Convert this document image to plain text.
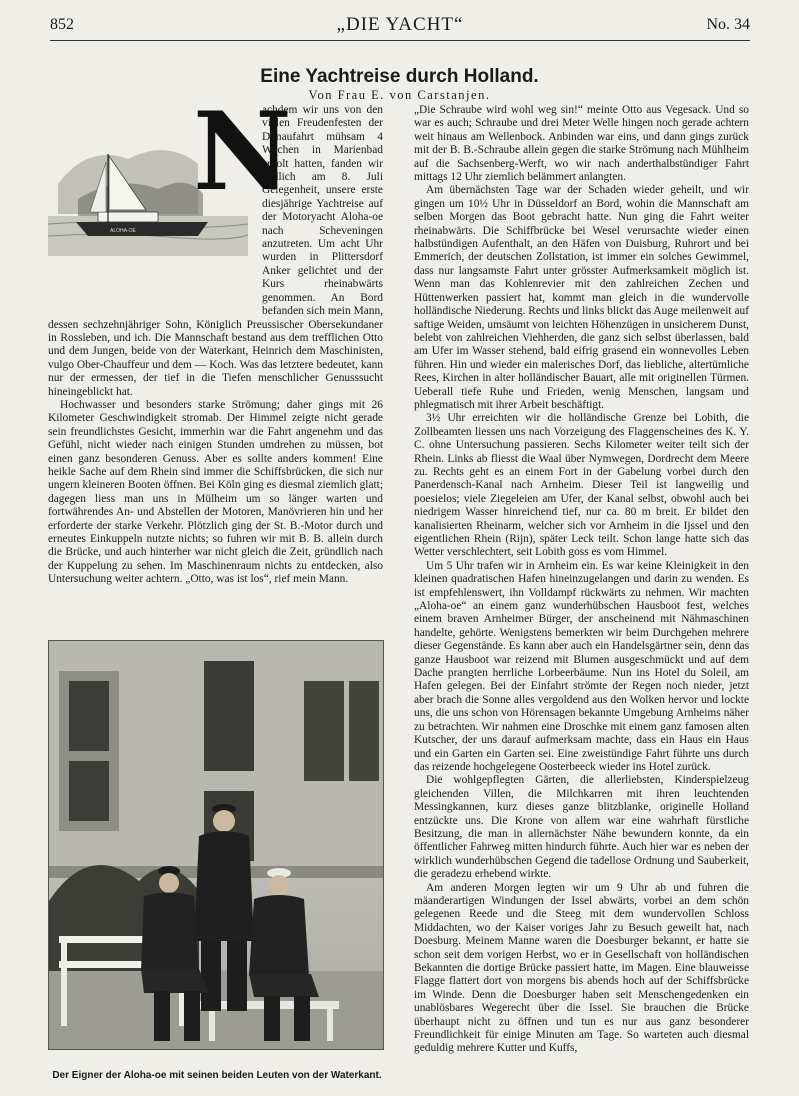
852	„DIE YACHT“	No. 34
Eine Yachtreise durch Holland.
Von Frau E. von Carstanjen.
ALOHA-OE
N

achdem wir uns von den vielen Freudenfesten der Donaufahrt mühsam 4 Wochen in Marienbad erholt hatten, fanden wir endlich am 8. Juli Gelegenheit, unsere erste diesjährige Yachtreise auf der Motoryacht Aloha-oe nach Scheveningen anzutreten. Um acht Uhr wurden in Plittersdorf Anker gelichtet und der Kurs rheinabwärts genommen. An Bord befanden sich mein Mann, dessen sechzehnjähriger Sohn, Königlich Preussischer Obersekundaner in Rossleben, und ich. Die Mannschaft bestand aus dem trefflichen Otto und dem Jungen, beide von der Waterkant, Heinrich dem Maschinisten, vulgo Ober-Chauffeur und dem — Koch. Was das letztere bedeutet, kann nur der ermessen, der tief in die Tiefen menschlicher Genusssucht hineingeblickt hat.

Hochwasser und besonders starke Strömung; daher gings mit 26 Kilometer Geschwindigkeit stromab. Der Himmel zeigte nicht gerade sein freundlichstes Gesicht, immerhin war die Fahrt angenehm und das Gefühl, nicht wieder nach einigen Stunden umdrehen zu müssen, bot einen ganz besonderen Genuss. Aber es sollte anders kommen! Eine heikle Sache auf dem Rhein sind immer die Schiffsbrücken, die sich nur ungern kleineren Booten öffnen. Bei Köln ging es diesmal ziemlich glatt; dagegen liess man uns in Mülheim um so länger warten und fortwährendes An- und Abstellen der Motoren, Manövrieren hin und her erforderte der starke Verkehr. Plötzlich ging der St. B.-Motor durch und erneutes Einkuppeln nutzte nichts; so fuhren wir mit B. B. allein durch die Brücke, und auch hinterher war nicht gleich die Zeit, gründlich nach der Kuppelung zu sehen. Im Maschinenraum nichts zu entdecken, also Untersuchung weiter achtern. „Otto, was ist los“, rief mein Mann.

Der Eigner der Aloha-oe mit seinen beiden Leuten von der Waterkant.

„Die Schraube wird wohl weg sin!“ meinte Otto aus Vegesack. Und so war es auch; Schraube und drei Meter Welle hingen noch gerade achtern weit hinaus am Wellenbock. Anbinden war eins, und dann gings zurück mit der B. B.-Schraube allein gegen die starke Strömung nach Mühlheim auf die Sachsenberg-Werft, wo wir nach anderthalbstündiger Fahrt mittags 12 Uhr ziemlich belämmert anlangten.

Am übernächsten Tage war der Schaden wieder geheilt, und wir gingen um 10½ Uhr in Düsseldorf an Bord, wohin die Mannschaft am selben Morgen das Boot gebracht hatte. Nun ging die Fahrt weiter rheinabwärts. Die Schiffbrücke bei Wesel verursachte wieder einen halbstündigen Aufenthalt, an den Häfen von Duisburg, Ruhrort und bei Emmerich, der deutschen Zollstation, ist immer ein solches Gewimmel, dass nur langsamste Fahrt unter grösster Aufmerksamkeit möglich ist. Wenn man das Kohlenrevier mit den zahlreichen Zechen und Hüttenwerken passiert hat, kommt man gleich in die wundervolle holländische Niederung. Rechts und links blickt das Auge meilenweit auf saftige Weiden, umsäumt von leichten Höhenzügen in unsicherem Dunst, belebt von zahlreichen Viehherden, die ganz sich selbst überlassen, bald am Ufer im Wasser stehend, bald eifrig grasend ein wonnevolles Leben führen. Hin und wieder ein malerisches Dorf, das liebliche, altertümliche Rees, Kirchen in alter holländischer Bauart, alle mit originellen Türmen. Ueberall tiefe Ruhe und Frieden, wenig Menschen, langsam und phlegmatisch mit ihrer Arbeit beschäftigt.

3½ Uhr erreichten wir die holländische Grenze bei Lobith, die Zollbeamten liessen uns nach Vorzeigung des Flaggenscheines des K. Y. C. ohne Untersuchung passieren. Sechs Kilometer weiter teilt sich der Rhein. Links ab fliesst die Waal über Nymwegen, Dordrecht dem Meere zu. Rechts geht es an einem Fort in der Gabelung vorbei durch den Panerdensch-Kanal nach Arnheim. Dieser Teil ist langweilig und poesielos; viele Ziegeleien am Ufer, der Kanal selbst, obwohl auch bei niedrigem Wasser hinreichend tief, nur ca. 80 m breit. Er bildet den kanalisierten Rheinarm, welcher sich vor Arnheim in die Ijssel und den eigentlichen Rhein (Rijn), später Leck teilt. Schon lange hatte sich das Wetter verschlechtert, seit Lobith goss es vom Himmel.

Um 5 Uhr trafen wir in Arnheim ein. Es war keine Kleinigkeit in den kleinen quadratischen Hafen hineinzugelangen und darin zu wenden. Es ist empfehlenswert, ihn Volldampf rückwärts zu nehmen. Wir machten „Aloha-oe“ an einem ganz wunderhübschen Hausboot fest, welches einem braven Arnheimer Bürger, der anscheinend mit Nähmaschinen handelte, gehörte. Wenigstens bemerkten wir beim Durchgehen mehrere dieser Gegenstände. Es kann aber auch ein Handelsgärtner sein, denn das ganze Hausboot war reizend mit Blumen ausgeschmückt und auf dem Dache prangten herrliche Lorbeerbäume. Nun ins Hotel du Soleil, am Hafen gelegen. Bei der Einfahrt strömte der Regen noch nieder, jetzt aber brach die Sonne alles vergoldend aus den Wolken hervor und lockte uns, die uns schon von Hörensagen bekannte Umgebung Arnheims näher zu betrachten. Wir nahmen eine Droschke mit einem ganz famosen alten Kutscher, der uns darauf aufmerksam machte, dass ein Haus ein Haus und ein Garten ein Garten sei. Eine zweistündige Fahrt führte uns durch das reizende hochgelegene Oosterbeeck wieder ins Hotel zurück.

Die wohlgepflegten Gärten, die allerliebsten, Kinderspielzeug gleichenden Villen, die Milchkarren mit ihren leuchtenden Messingkannen, kurz dieses ganze blitzblanke, originelle Holland entzückte uns. Die Krone von allem war eine wahrhaft fürstliche Besitzung, die man in allernächster Nähe bewundern konnte, da ein öffentlicher Fahrweg mitten hindurch führte. Auch hier war es neben der wirklich wunderhübschen Gegend die tadellose Ordnung und Sauberkeit, die geradezu erhebend wirkte.

Am anderen Morgen legten wir um 9 Uhr ab und fuhren die mäanderartigen Windungen der Issel abwärts, vorbei an dem schön gelegenen Reede und die Steeg mit dem wundervollen Schloss Middachten, wo der Kaiser voriges Jahr zu Besuch geweilt hat, nach Doesburg. Meinem Manne waren die Doesburger bekannt, er hatte sie schon seit dem vorigen Herbst, wo er in Gesellschaft von holländischen Bekannten die dortige Brücke passiert hatte, im Magen. Eine blauweisse Flagge flattert dort von morgens bis abends hoch auf der Schiffsbrücke im Winde. Denn die Doesburger haben seit Menschengedenken ein unablösbares Wegerecht über die Issel. Sie brauchen die Brücke überhaupt nicht zu öffnen und tun es nur aus ganz besonderer Freundlichkeit für einige Minuten am Tage. So warteten auch diesmal geduldig mehrere Kutter und Kuffs,
